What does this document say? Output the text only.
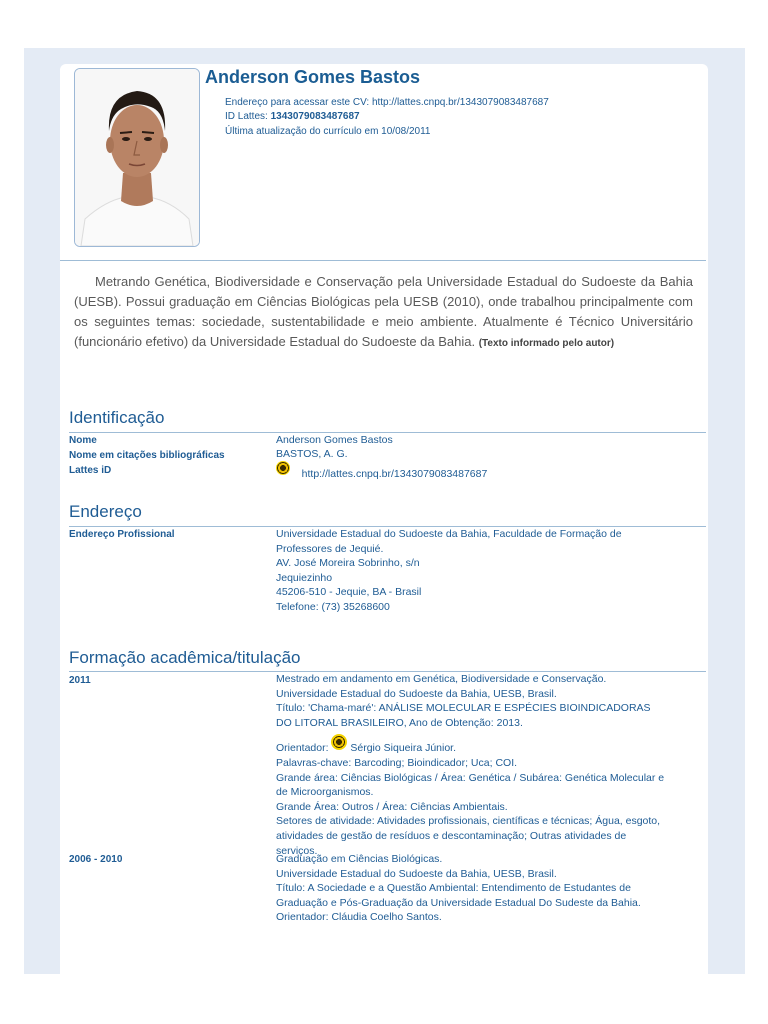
Anderson Gomes Bastos
Endereço para acessar este CV: http://lattes.cnpq.br/1343079083487687
ID Lattes: 1343079083487687
Última atualização do currículo em 10/08/2011
Metrando Genética, Biodiversidade e Conservação pela Universidade Estadual do Sudoeste da Bahia (UESB). Possui graduação em Ciências Biológicas pela UESB (2010), onde trabalhou principalmente com os seguintes temas: sociedade, sustentabilidade e meio ambiente. Atualmente é Técnico Universitário (funcionário efetivo) da Universidade Estadual do Sudoeste da Bahia. (Texto informado pelo autor)
Identificação
Nome	Anderson Gomes Bastos
Nome em citações bibliográficas	BASTOS, A. G.
Lattes iD	http://lattes.cnpq.br/1343079083487687
Endereço
Endereço Profissional	Universidade Estadual do Sudoeste da Bahia, Faculdade de Formação de
Professores de Jequié.
AV. José Moreira Sobrinho, s/n
Jequiezinho
45206-510 - Jequie, BA - Brasil
Telefone: (73) 35268600
Formação acadêmica/titulação
2011	Mestrado em andamento em Genética, Biodiversidade e Conservação.
Universidade Estadual do Sudoeste da Bahia, UESB, Brasil.
Título: 'Chama-maré': ANÁLISE MOLECULAR E ESPÉCIES BIOINDICADORAS
DO LITORAL BRASILEIRO, Ano de Obtenção: 2013.
Orientador: Sérgio Siqueira Júnior.
Palavras-chave: Barcoding; Bioindicador; Uca; COI.
Grande área: Ciências Biológicas / Área: Genética / Subárea: Genética Molecular e
de Microorganismos.
Grande Área: Outros / Área: Ciências Ambientais.
Setores de atividade: Atividades profissionais, científicas e técnicas; Água, esgoto,
atividades de gestão de resíduos e descontaminação; Outras atividades de
serviços.
2006 - 2010	Graduação em Ciências Biológicas.
Universidade Estadual do Sudoeste da Bahia, UESB, Brasil.
Título: A Sociedade e a Questão Ambiental: Entendimento de Estudantes de
Graduação e Pós-Graduação da Universidade Estadual Do Sudeste da Bahia.
Orientador: Cláudia Coelho Santos.
